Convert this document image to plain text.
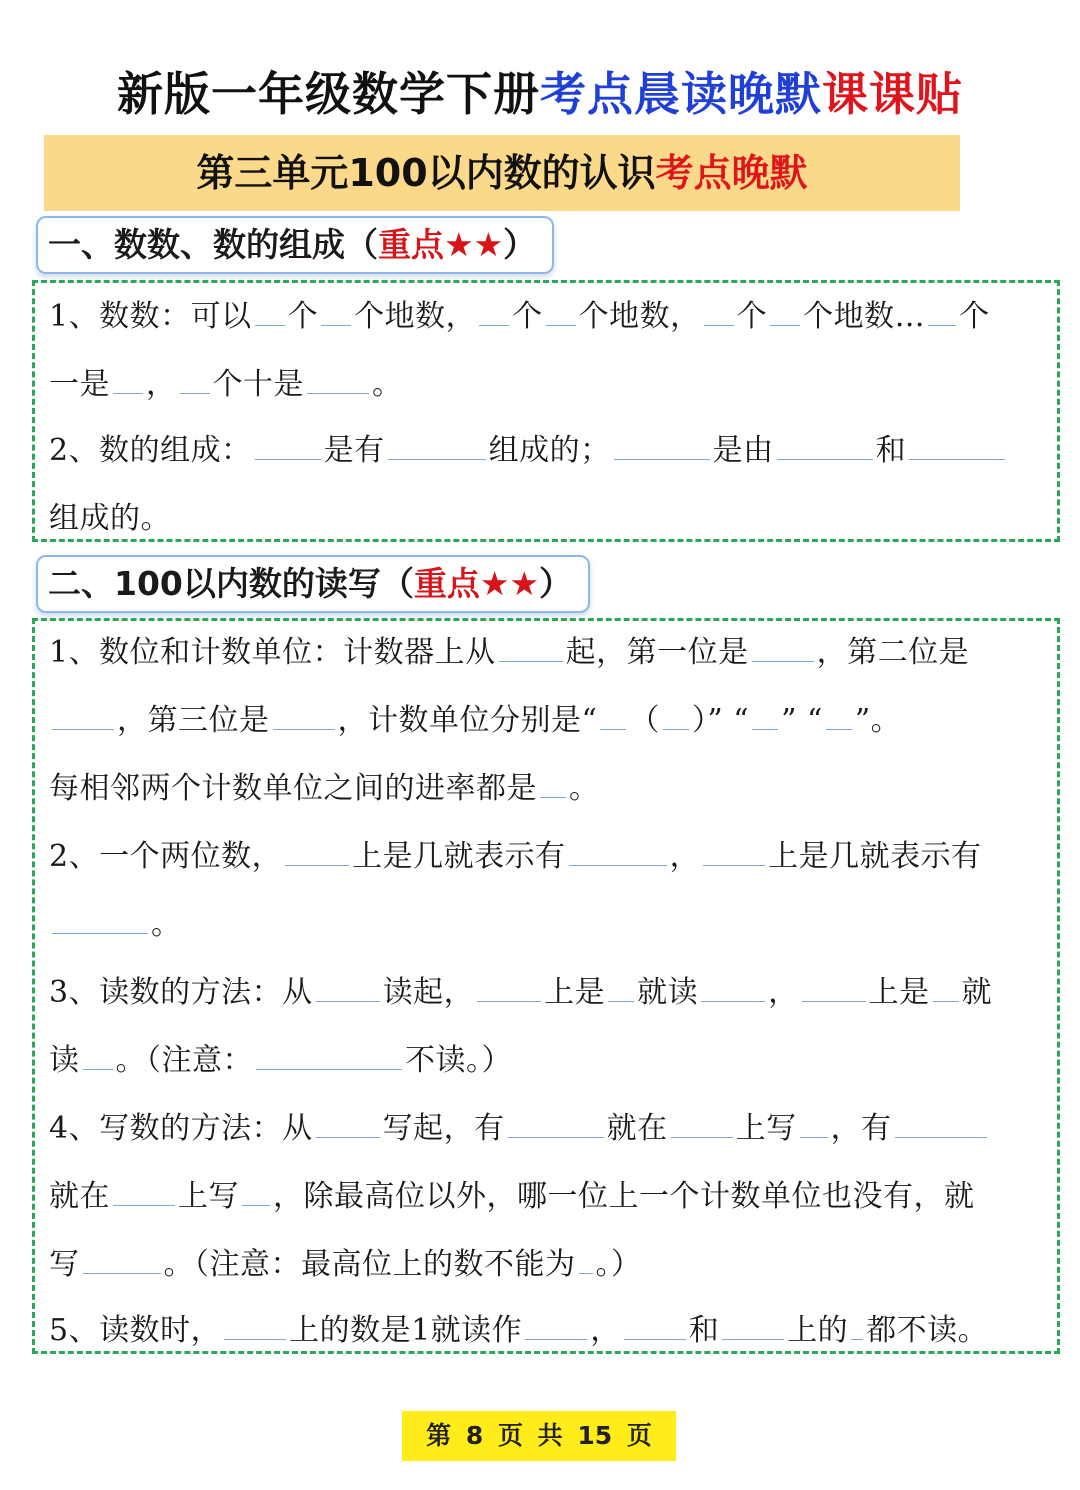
新版一年级数学下册考点晨读晚默课课贴
第三单元100以内数的认识考点晚默
一、数数、数的组成（重点★★）
1、数数：可以 个 个地数， 个 个地数， 个 个地数… 个
一是 ， 个十是 。
2、数的组成： 是有	组成的；	是由	和
组成的。
二、100以内数的读写（重点★★）
1、数位和计数单位：计数器上从 起，第一位是 ，第二位是
，第三位是 ，计数单位分别是“ （ ）” “ ” “ ”。
每相邻两个计数单位之间的进率都是 。
2、一个两位数， 上是几就表示有	， 上是几就表示有
。
3、读数的方法：从 读起， 上是 就读 ， 上是 就
读 。（注意：	不读。）
4、写数的方法：从 写起，有	就在 上写 ，有
就在 上写 ，除最高位以外，哪一位上一个计数单位也没有，就
写	。（注意：最高位上的数不能为 。）
5、读数时， 上的数是1就读作 ， 和 上的 都不读。
第 8 页 共 15 页
